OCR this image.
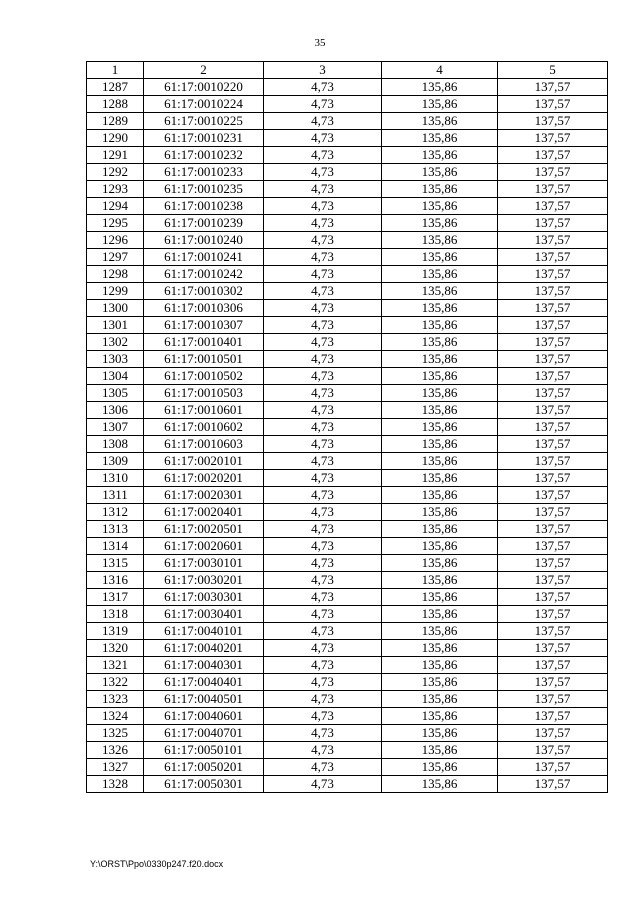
35
1	2	3	4	5
1287	61:17:0010220	4,73	135,86	137,57
1288	61:17:0010224	4,73	135,86	137,57
1289	61:17:0010225	4,73	135,86	137,57
1290	61:17:0010231	4,73	135,86	137,57
1291	61:17:0010232	4,73	135,86	137,57
1292	61:17:0010233	4,73	135,86	137,57
1293	61:17:0010235	4,73	135,86	137,57
1294	61:17:0010238	4,73	135,86	137,57
1295	61:17:0010239	4,73	135,86	137,57
1296	61:17:0010240	4,73	135,86	137,57
1297	61:17:0010241	4,73	135,86	137,57
1298	61:17:0010242	4,73	135,86	137,57
1299	61:17:0010302	4,73	135,86	137,57
1300	61:17:0010306	4,73	135,86	137,57
1301	61:17:0010307	4,73	135,86	137,57
1302	61:17:0010401	4,73	135,86	137,57
1303	61:17:0010501	4,73	135,86	137,57
1304	61:17:0010502	4,73	135,86	137,57
1305	61:17:0010503	4,73	135,86	137,57
1306	61:17:0010601	4,73	135,86	137,57
1307	61:17:0010602	4,73	135,86	137,57
1308	61:17:0010603	4,73	135,86	137,57
1309	61:17:0020101	4,73	135,86	137,57
1310	61:17:0020201	4,73	135,86	137,57
1311	61:17:0020301	4,73	135,86	137,57
1312	61:17:0020401	4,73	135,86	137,57
1313	61:17:0020501	4,73	135,86	137,57
1314	61:17:0020601	4,73	135,86	137,57
1315	61:17:0030101	4,73	135,86	137,57
1316	61:17:0030201	4,73	135,86	137,57
1317	61:17:0030301	4,73	135,86	137,57
1318	61:17:0030401	4,73	135,86	137,57
1319	61:17:0040101	4,73	135,86	137,57
1320	61:17:0040201	4,73	135,86	137,57
1321	61:17:0040301	4,73	135,86	137,57
1322	61:17:0040401	4,73	135,86	137,57
1323	61:17:0040501	4,73	135,86	137,57
1324	61:17:0040601	4,73	135,86	137,57
1325	61:17:0040701	4,73	135,86	137,57
1326	61:17:0050101	4,73	135,86	137,57
1327	61:17:0050201	4,73	135,86	137,57
1328	61:17:0050301	4,73	135,86	137,57
Y:\ORST\Ppo\0330p247.f20.docx
